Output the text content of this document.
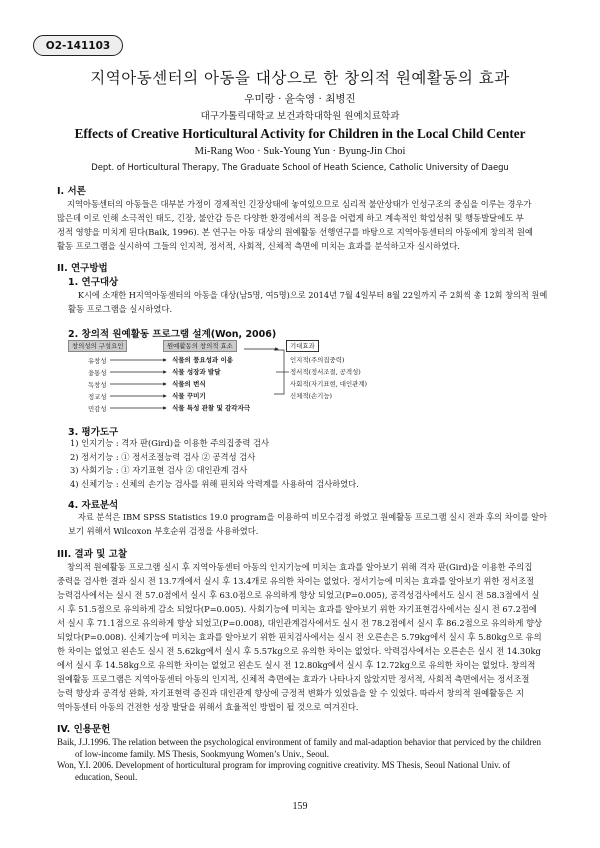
O2-141103
지역아동센터의 아동을 대상으로 한 창의적 원예활동의 효과
우미랑 · 윤숙영 · 최병진
대구가톨릭대학교 보건과학대학원 원예치료학과
Effects of Creative Horticultural Activity for Children in the Local Child Center
Mi-Rang Woo · Suk-Young Yun · Byung-Jin Choi
Dept. of Horticultural Therapy, The Graduate School of Heath Science, Catholic University of Daegu
I. 서론
지역아동센터의 아동들은 대부분 가정이 경제적인 긴장상태에 놓여있으므로 심리적 불안상태가 인성구조의 중심을 이루는 경우가
많은데 이로 인해 소극적인 태도, 긴장, 불안감 등은 다양한 환경에서의 적응을 어렵게 하고 계속적인 학업성취 및 행동발달에도 부
정적 영향을 미치게 된다(Baik, 1996). 본 연구는 아동 대상의 원예활동 선행연구를 바탕으로 지역아동센터의 아동에게 창의적 원예
활동 프로그램을 실시하여 그들의 인지적, 정서적, 사회적, 신체적 측면에 미치는 효과를 분석하고자 실시하였다.
II. 연구방법
1. 연구대상
K시에 소재한 H지역아동센터의 아동을 대상(남5명, 여5명)으로 2014년 7월 4일부터 8월 22일까지 주 2회씩 총 12회 창의적 원예
활동 프로그램을 실시하였다.
2. 창의적 원예활동 프로그램 설계(Won, 2006)
창의성의 구성요인	원예활동의 창의적 효소	기대효과
유창성
융통성
독창성
정교성
민감성
식물의 풍요성과 이용
식물 성장과 발달
식물의 번식
식물 꾸미기
식물 특성 관찰 및 감각자극
인지적(주의집중력)
정서적(정서조절, 공격성)
사회적(자기표현, 대인관계)
신체적(손기능)
3. 평가도구
1) 인지기능 : 격자 판(Gird)을 이용한 주의집중력 검사
2) 정서기능 : ① 정서조절능력 검사 ② 공격성 검사
3) 사회기능 : ① 자기표현 검사 ② 대인관계 검사
4) 신체기능 : 신체의 손기능 검사를 위해 핀치와 악력계를 사용하여 검사하였다.
4. 자료분석
자료 분석은 IBM SPSS Statistics 19.0 program을 이용하여 비모수검정 하였고 원예활동 프로그램 실시 전과 후의 차이를 알아
보기 위해서 Wilcoxon 부호순위 검정을 사용하였다.
III. 결과 및 고찰
창의적 원예활동 프로그램 실시 후 지역아동센터 아동의 인지기능에 미치는 효과를 알아보기 위해 격자 판(Gird)을 이용한 주의집
중력을 검사한 결과 실시 전 13.7개에서 실시 후 13.4개로 유의한 차이는 없었다. 정서기능에 미치는 효과를 알아보기 위한 정서조절
능력검사에서는 실시 전 57.0점에서 실시 후 63.0점으로 유의하게 향상 되었고(P=0.005), 공격성검사에서도 실시 전 58.3점에서 실
시 후 51.5점으로 유의하게 감소 되었다(P=0.005). 사회기능에 미치는 효과를 알아보기 위한 자기표현검사에서는 실시 전 67.2점에
서 실시 후 71.1점으로 유의하게 향상 되었고(P=0.008), 대인관계검사에서도 실시 전 78.2점에서 실시 후 86.2점으로 유의하게 향상
되었다(P=0.008). 신체기능에 미치는 효과를 알아보기 위한 핀치검사에서는 실시 전 오른손은 5.79kg에서 실시 후 5.80kg으로 유의
한 차이는 없었고 왼손도 실시 전 5.62kg에서 실시 후 5.57kg으로 유의한 차이는 없었다. 악력검사에서는 오른손은 실시 전 14.30kg
에서 실시 후 14.58kg으로 유의한 차이는 없었고 왼손도 실시 전 12.80kg에서 실시 후 12.72kg으로 유의한 차이는 없었다. 창의적
원예활동 프로그램은 지역아동센터 아동의 인지적, 신체적 측면에는 효과가 나타나지 않았지만 정서적, 사회적 측면에서는 정서조절
능력 향상과 공격성 완화, 자기표현력 증진과 대인관계 향상에 긍정적 변화가 있었음을 알 수 있었다. 따라서 창의적 원예활동은 지
역아동센터 아동의 건전한 성장 발달을 위해서 효율적인 방법이 될 것으로 여겨진다.
IV. 인용문헌
Baik, J.J.1996. The relation between the psychological environment of family and mal-adaption behavior that perviced by the children of low-income family. MS Thesis, Sookmyung Women’s Univ., Seoul.
Won, Y.I. 2006. Development of horticultural program for improving cognitive creativity. MS Thesis, Seoul National Univ. of education, Seoul.
159
